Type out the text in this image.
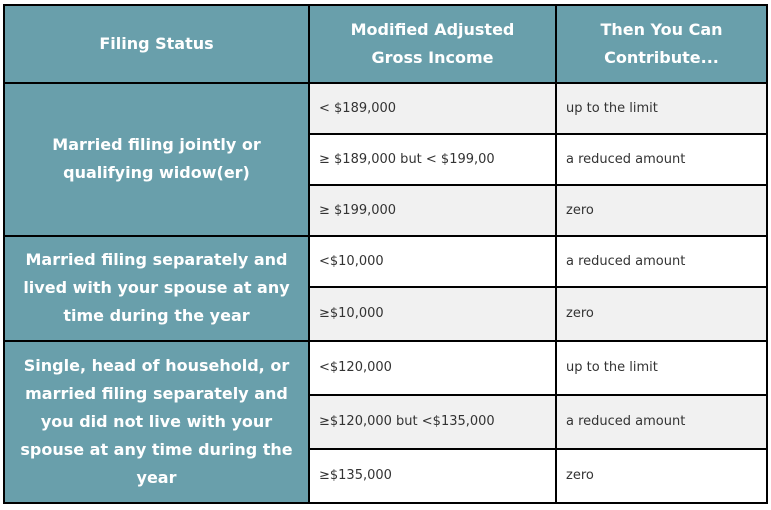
Filing Status	Modified Adjusted Gross Income	Then You Can Contribute...
Married filing jointly or qualifying widow(er)	< $189,000	up to the limit
	≥ $189,000 but < $199,00	a reduced amount
	≥ $199,000	zero
Married filing separately and lived with your spouse at any time during the year	<$10,000	a reduced amount
	≥$10,000	zero
Single, head of household, or married filing separately and you did not live with your spouse at any time during the year	<$120,000	up to the limit
	≥$120,000 but <$135,000	a reduced amount
	≥$135,000	zero
